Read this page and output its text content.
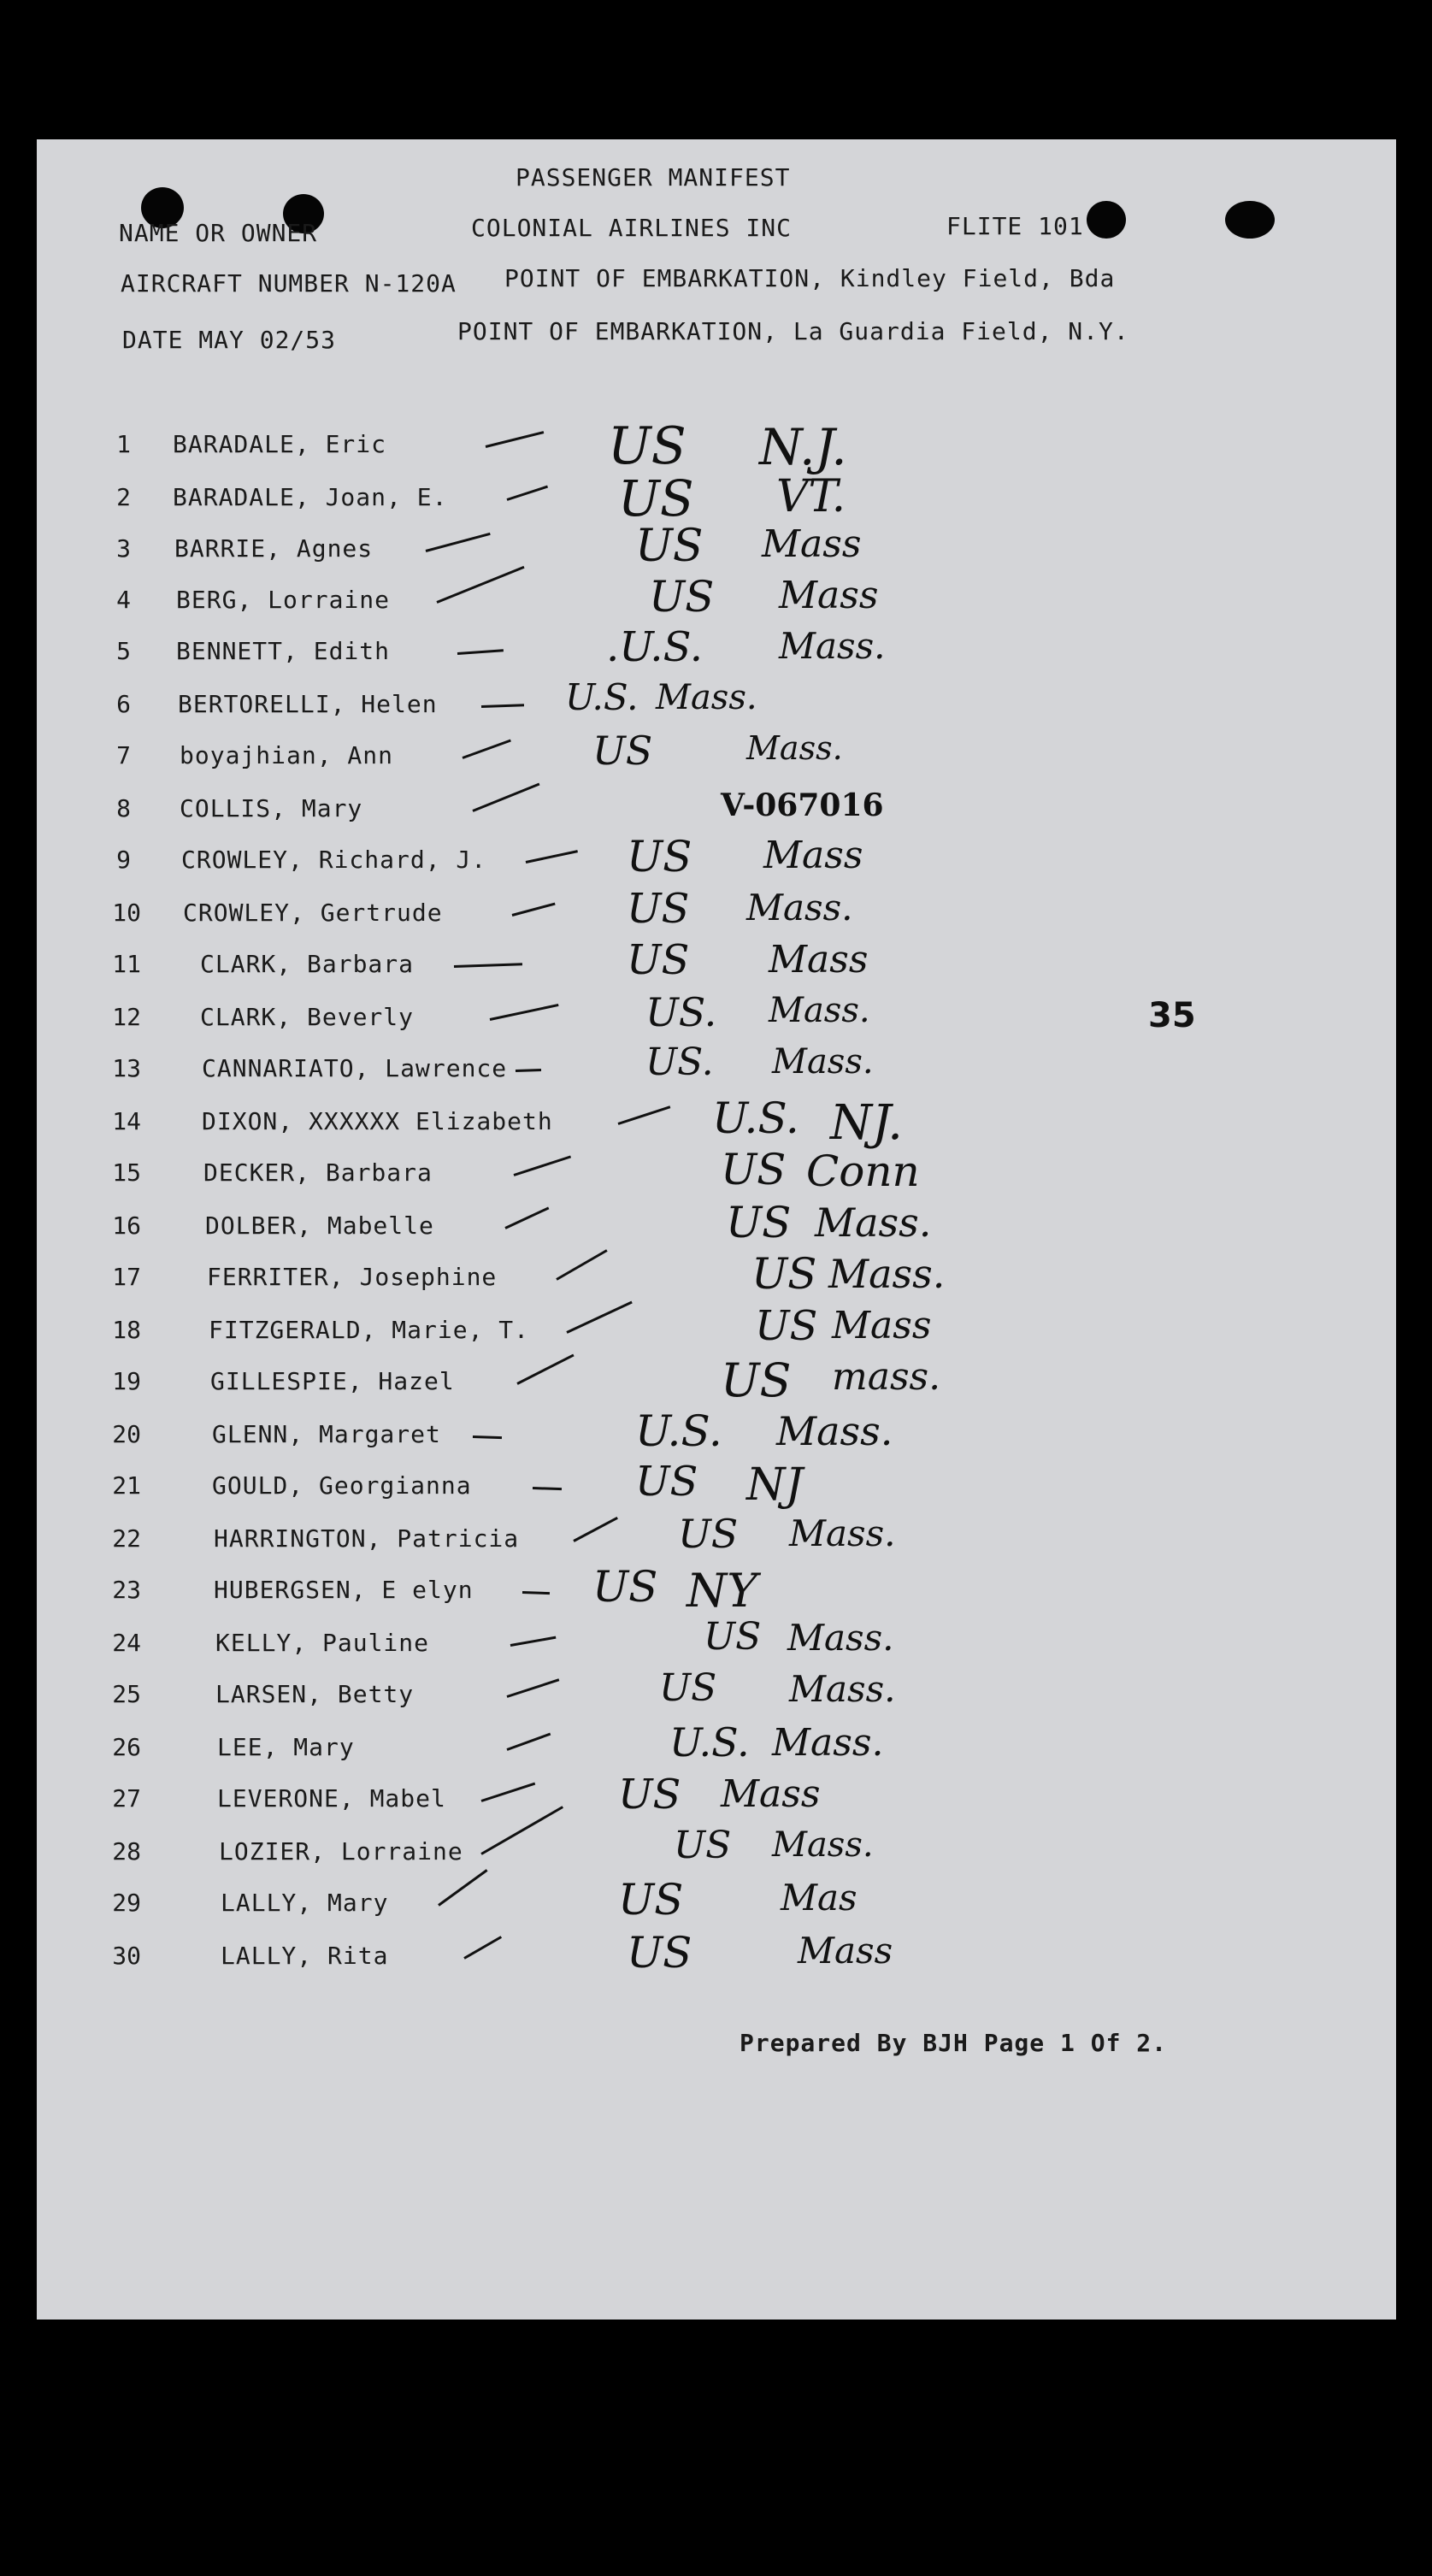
PASSENGER MANIFEST
NAME OR OWNER	COLONIAL AIRLINES INC	FLITE 101
AIRCRAFT NUMBER N-120A POINT OF EMBARKATION, Kindley Field, Bda
DATE MAY 02/53	POINT OF EMBARKATION, La Guardia Field, N.Y.
1 BARADALE, Eric	US N.J.
2 BARADALE, Joan, E.	US VT.
3 BARRIE, Agnes	US Mass
4 BERG, Lorraine	US Mass
5 BENNETT, Edith	.U.S. Mass.
6 BERTORELLI, Helen	U.S. Mass.
7 boyajhian, Ann	US	Mass.
8 COLLIS, Mary	V-067016
9 CROWLEY, Richard, J.	US Mass
10 CROWLEY, Gertrude	US Mass.
11 CLARK, Barbara	US Mass
12 CLARK, Beverly	US. Mass.
13	CANNARIATO, Lawrence	US. Mass.
14	DIXON, XXXXXX Elizabeth	U.S. NJ.
15	DECKER, Barbara	US Conn
16	DOLBER, Mabelle	US Mass.
17	FERRITER, Josephine	US Mass.
18	FITZGERALD, Marie, T.	US Mass
19	GILLESPIE, Hazel	US mass.
20	GLENN, Margaret	U.S. Mass.
21	GOULD, Georgianna	US NJ
22	HARRINGTON, Patricia	US Mass.
23	HUBERGSEN, E elyn	US NY
24	KELLY, Pauline	US Mass.
25	LARSEN, Betty	US Mass.
26	LEE, Mary	U.S. Mass.
27	LEVERONE, Mabel	US Mass
28	LOZIER, Lorraine	US Mass.
29	LALLY, Mary	US	Mas
30	LALLY, Rita	US	Mass
35
Prepared By BJH Page 1 Of 2.
